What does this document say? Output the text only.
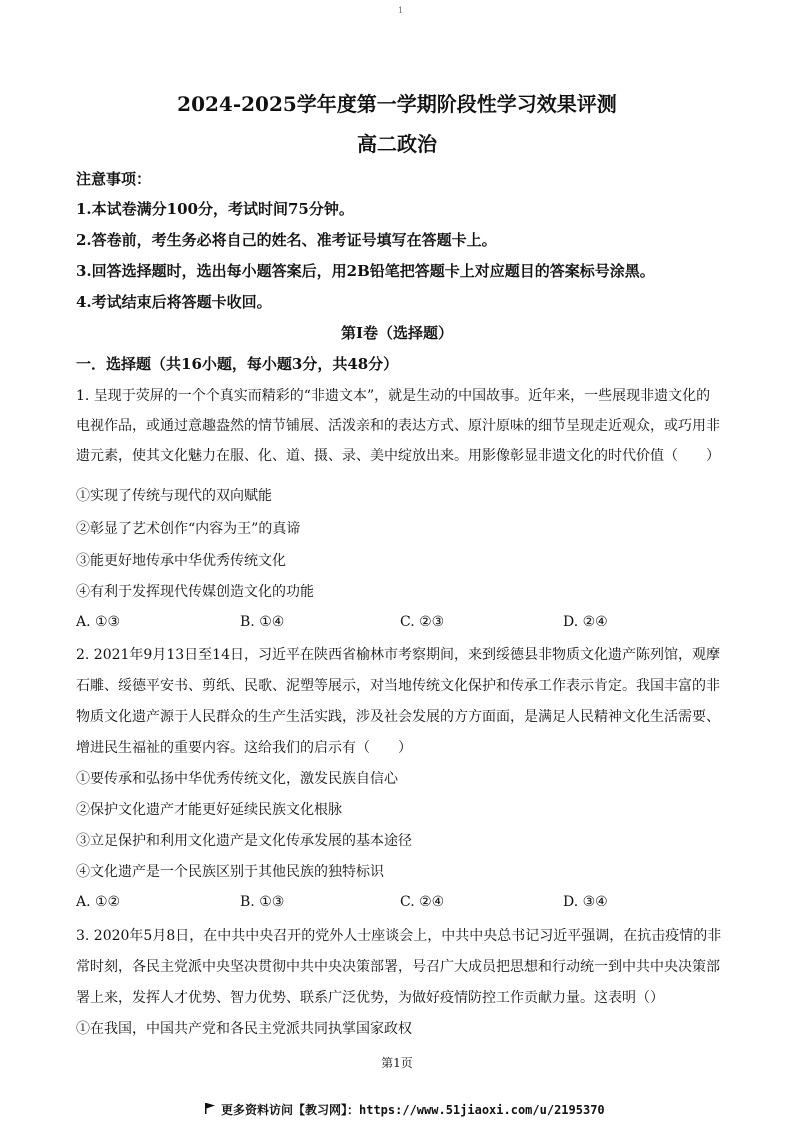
1
2024-2025学年度第一学期阶段性学习效果评测
高二政治
注意事项：
1.本试卷满分100分，考试时间75分钟。
2.答卷前，考生务必将自己的姓名、准考证号填写在答题卡上。
3.回答选择题时，选出每小题答案后，用2B铅笔把答题卡上对应题目的答案标号涂黑。
4.考试结束后将答题卡收回。
第Ⅰ卷（选择题）
一．选择题（共16小题，每小题3分，共48分）
1. 呈现于荧屏的一个个真实而精彩的“非遗文本”，就是生动的中国故事。近年来，一些展现非遗文化的
电视作品，或通过意趣盎然的情节铺展、活泼亲和的表达方式、原汁原味的细节呈现走近观众，或巧用非
遗元素，使其文化魅力在服、化、道、摄、录、美中绽放出来。用影像彰显非遗文化的时代价值（　　）
①实现了传统与现代的双向赋能
②彰显了艺术创作“内容为王”的真谛
③能更好地传承中华优秀传统文化
④有利于发挥现代传媒创造文化的功能
A. ①③	B. ①④	C. ②③	D. ②④
2. 2021年9月13日至14日，习近平在陕西省榆林市考察期间，来到绥德县非物质文化遗产陈列馆，观摩
石雕、绥德平安书、剪纸、民歌、泥塑等展示，对当地传统文化保护和传承工作表示肯定。我国丰富的非
物质文化遗产源于人民群众的生产生活实践，涉及社会发展的方方面面，是满足人民精神文化生活需要、
增进民生福祉的重要内容。这给我们的启示有（　　）
①要传承和弘扬中华优秀传统文化，激发民族自信心
②保护文化遗产才能更好延续民族文化根脉
③立足保护和利用文化遗产是文化传承发展的基本途径
④文化遗产是一个民族区别于其他民族的独特标识
A. ①②	B. ①③	C. ②④	D. ③④
3. 2020年5月8日，在中共中央召开的党外人士座谈会上，中共中央总书记习近平强调，在抗击疫情的非
常时刻，各民主党派中央坚决贯彻中共中央决策部署，号召广大成员把思想和行动统一到中共中央决策部
署上来，发挥人才优势、智力优势、联系广泛优势，为做好疫情防控工作贡献力量。这表明（）
①在我国，中国共产党和各民主党派共同执掌国家政权
第1页
更多资料访问【教习网】：https://www.51jiaoxi.com/u/2195370
